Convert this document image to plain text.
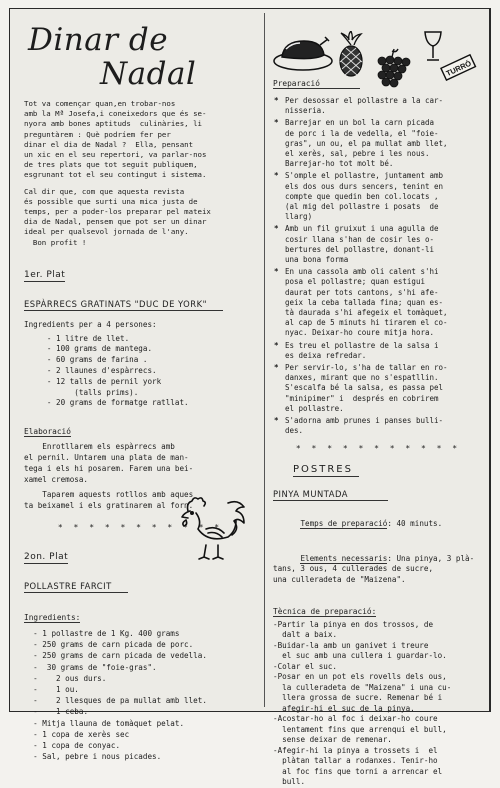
Dinar de
Nadal

Tot va començar quan,en trobar-nos
amb la Mª Josefa,i coneixedors que és se-
nyora amb bones aptituds  culinàries, li
preguntàrem : Què podríem fer per
dinar el dia de Nadal ?  Ella, pensant
un xic en el seu repertori, va parlar-nos
de tres plats que tot seguit publiquem,
esgrunant tot el seu contingut i sistema.

Cal dir que, com que aquesta revista
és possible que surti una mica justa de
temps, per a poder-los preparar pel mateix
dia de Nadal, pensem que pot ser un dinar
ideal per qualsevol jornada de l'any.
Bon profit !

1er. Plat
ESPÀRRECS GRATINATS "DUC DE YORK"

Ingredients per a 4 persones:

- 1 litre de llet.
- 100 grams de mantega.
- 60 grams de farina .
- 2 llaunes d'espàrrecs.
- 12 talls de pernil york
(talls prims).
- 20 grams de formatge ratllat.

Elaboració

Enrotllarem els espàrrecs amb
el pernil. Untarem una plata de man-
tega i els hi posarem. Farem una bei-
xamel cremosa.

Taparem aquests rotllos amb aques
ta beixamel i els gratinarem al forn.

* * * * * * * * * * *
2on. Plat
POLLASTRE FARCIT
Ingredients:

- 1 pollastre de 1 Kg. 400 grams
- 250 grams de carn picada de porc.
- 250 grams de carn picada de vedella.
-  30 grams de "foie-gras".
-    2 ous durs.
-    1 ou.
-    2 llesques de pa mullat amb llet.
-    1 ceba.
- Mitja llauna de tomàquet pelat.
- 1 copa de xerès sec
- 1 copa de conyac.
- Sal, pebre i nous picades.

TURRÓ
Preparació
* Per desossar el pollastre a la car-
nisseria.
* Barrejar en un bol la carn picada
de porc i la de vedella, el "foie-
gras", un ou, el pa mullat amb llet,
el xerès, sal, pebre i les nous.
Barrejar-ho tot molt bé.
* S'omple el pollastre, juntament amb
els dos ous durs sencers, tenint en
compte que quedin ben col.locats ,
(al mig del pollastre i posats  de
llarg)
* Amb un fil gruixut i una agulla de
cosir llana s'han de cosir les o-
bertures del pollastre, donant-li
una bona forma
* En una cassola amb oli calent s'hi
posa el pollastre; quan estigui
daurat per tots cantons, s'hi afe-
geix la ceba tallada fina; quan es-
tà daurada s'hi afegeix el tomàquet,
al cap de 5 minuts hi tirarem el co-
nyac. Deixar-ho coure mitja hora.
* Es treu el pollastre de la salsa i
es deixa refredar.
* Per servir-lo, s'ha de tallar en ro-
danxes, mirant que no s'espatllin.
S'escalfa bé la salsa, es passa pel
"minipimer" i  després en cobrirem
el pollastre.
* S'adorna amb prunes i panses bulli-
des.
* * * * * * * * * * *
POSTRES
PINYA MUNTADA

Temps de preparació: 40 minuts.

Elements necessaris: Una pinya, 3 plà-
tans, 3 ous, 4 cullerades de sucre,
una culleradeta de "Maizena".

Tècnica de preparació:

-Partir la pinya en dos trossos, de
dalt a baix.
-Buidar-la amb un ganivet i treure
el suc amb una cullera i guardar-lo.
-Colar el suc.
-Posar en un pot els rovells dels ous,
la culleradeta de "Maizena" i una cu-
llera grossa de sucre. Remenar bé i
afegir-hi el suc de la pinya.
-Acostar-ho al foc i deixar-ho coure
lentament fins que arrenqui el bull,
sense deixar de remenar.
-Afegir-hi la pinya a trossets i  el
plàtan tallar a rodanxes. Tenir-ho
al foc fins que torni a arrencar el
bull.
